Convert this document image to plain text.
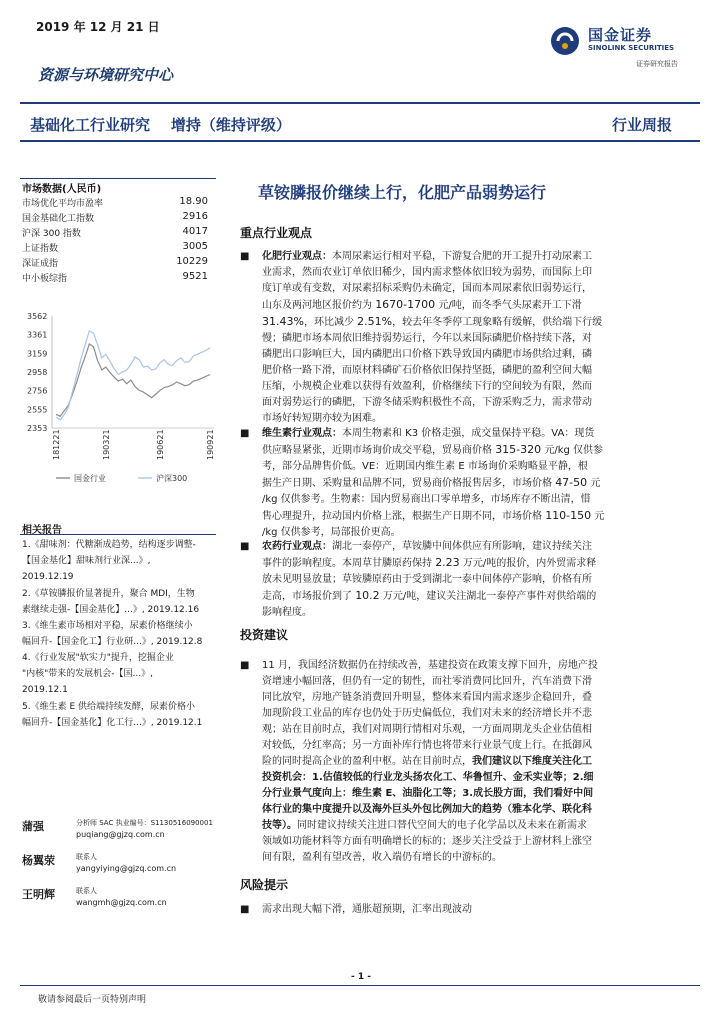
2019 年 12 月 21 日
资源与环境研究中心
国金证券
SINOLINK SECURITIES
证券研究报告
基础化工行业研究    增持（维持评级）	行业周报
市场数据(人民币)
市场优化平均市盈率	18.90
国金基础化工指数	2916
沪深 300 指数	4017
上证指数	3005
深证成指	10229
中小板综指	9521
3562
3361
3159
2958
2756
2555
2353
181221	190321	190621	190921
国金行业	沪深300
相关报告
1.《甜味剂：代糖渐成趋势，结构逐步调整-
【国金基化】甜味剂行业深...》,
2019.12.19
2.《草铵膦报价显著提升，聚合 MDI，生物
素继续走强-【国金基化】...》, 2019.12.16
3.《维生素市场相对平稳，尿素价格继续小
幅回升-【国金化工】行业研...》, 2019.12.8
4.《行业发展"软实力"提升，挖掘企业
"内核"带来的发展机会-【国...》,
2019.12.1
5.《维生素 E 供给端持续发酵，尿素价格小
幅回升-【国金基化】化工行...》, 2019.12.1
蒲强	分析师 SAC 执业编号：S1130516090001
puqiang@gjzq.com.cn
杨翼荥	联系人
yangyiying@gjzq.com.cn
王明辉	联系人
wangmh@gjzq.com.cn
草铵膦报价继续上行，化肥产品弱势运行
重点行业观点
■ 化肥行业观点：本周尿素运行相对平稳，下游复合肥的开工提升打动尿素工
业需求，然而农业订单依旧稀少，国内需求整体依旧较为弱势，而国际上印
度订单或有变数，对尿素招标采购仍未确定，国而本周尿素依旧弱势运行，
山东及两河地区报价约为 1670-1700 元/吨，而冬季气头尿素开工下滑
31.43%，环比减少 2.51%，较去年冬季停工现象略有缓解，供给端下行缓
慢；磷肥市场本周依旧维持弱势运行，今年以来国际磷肥价格持续下落，对
磷肥出口影响巨大，国内磷肥出口价格下跌导致国内磷肥市场供给过剩，磷
肥价格一路下滑，而原材料磷矿石价格依旧保持坚挺，磷肥的盈利空间大幅
压缩，小规模企业难以获得有效盈利，价格继续下行的空间较为有限，然而
面对弱势运行的磷肥，下游冬储采购积极性不高，下游采购乏力，需求带动
市场好转短期亦较为困难。
■ 维生素行业观点：本周生物素和 K3 价格走强，成交量保持平稳。VA：现货
供应略显紧张，近期市场询价成交平稳，贸易商价格 315-320 元/kg 仅供参
考，部分品牌售价低。VE：近期国内维生素 E 市场询价采购略显平静，根
据生产日期、采购量和品牌不同，贸易商价格报售居多，市场价格 47-50 元
/kg 仅供参考。生物素：国内贸易商出口零单增多，市场库存不断出清，惜
售心理提升，拉动国内价格上涨，根据生产日期不同，市场价格 110-150 元
/kg 仅供参考，局部报价更高。
■ 农药行业观点：湖北一泰停产，草铵膦中间体供应有所影响，建议持续关注
事件的影响程度。本周草甘膦原药保持 2.23 万元/吨的报价，内外贸需求释
放未见明显放量；草铵膦原药由于受到湖北一泰中间体停产影响，价格有所
走高，市场报价到了 10.2 万元/吨，建议关注湖北一泰停产事件对供给端的
影响程度。
投资建议
■ 11 月，我国经济数据仍在持续改善，基建投资在政策支撑下回升，房地产投
资增速小幅回落，但仍有一定的韧性，而社零消费同比回升，汽车消费下滑
同比放窄，房地产链条消费回升明显，整体来看国内需求逐步企稳回升，叠
加现阶段工业品的库存也仍处于历史偏低位，我们对未来的经济增长并不悲
观；站在目前时点，我们对周期行情相对乐观，一方面周期龙头企业估值相
对较低，分红率高；另一方面补库行情也将带来行业景气度上行。在抵御风
险的同时提高企业的盈利中枢。站在目前时点，我们建议以下维度关注化工
投资机会：1.估值较低的行业龙头扬农化工、华鲁恒升、金禾实业等；2.细
分行业景气度向上：维生素 E、油脂化工等；3.成长股方面，我们看好中间
体行业的集中度提升以及海外巨头外包比例加大的趋势（雅本化学、联化科
技等）。同时建议持续关注进口替代空间大的电子化学品以及未来在新需求
领域如功能材料等方面有明确增长的标的；逐步关注受益于上游材料上涨空
间有限，盈利有望改善，收入端仍有增长的中游标的。
风险提示
■ 需求出现大幅下滑，通胀超预期，汇率出现波动
- 1 -
敬请参阅最后一页特别声明
